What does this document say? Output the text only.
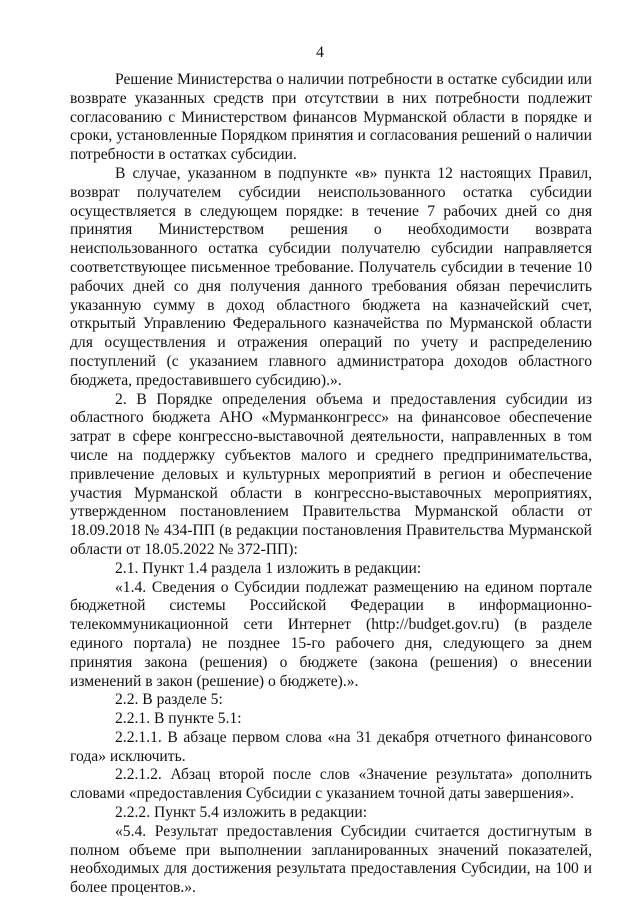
4

Решение Министерства о наличии потребности в остатке субсидии или возврате указанных средств при отсутствии в них потребности подлежит согласованию с Министерством финансов Мурманской области в порядке и сроки, установленные Порядком принятия и согласования решений о наличии потребности в остатках субсидии.

В случае, указанном в подпункте «в» пункта 12 настоящих Правил, возврат получателем субсидии неиспользованного остатка субсидии осуществляется в следующем порядке: в течение 7 рабочих дней со дня принятия Министерством решения о необходимости возврата неиспользованного остатка субсидии получателю субсидии направляется соответствующее письменное требование. Получатель субсидии в течение 10 рабочих дней со дня получения данного требования обязан перечислить указанную сумму в доход областного бюджета на казначейский счет, открытый Управлению Федерального казначейства по Мурманской области для осуществления и отражения операций по учету и распределению поступлений (с указанием главного администратора доходов областного бюджета, предоставившего субсидию).».

2. В Порядке определения объема и предоставления субсидии из областного бюджета АНО «Мурманконгресс» на финансовое обеспечение затрат в сфере конгрессно-выставочной деятельности, направленных в том числе на поддержку субъектов малого и среднего предпринимательства, привлечение деловых и культурных мероприятий в регион и обеспечение участия Мурманской области в конгрессно-выставочных мероприятиях, утвержденном постановлением Правительства Мурманской области от 18.09.2018 № 434-ПП (в редакции постановления Правительства Мурманской области от 18.05.2022 № 372-ПП):

2.1. Пункт 1.4 раздела 1 изложить в редакции:

«1.4. Сведения о Субсидии подлежат размещению на едином портале бюджетной системы Российской Федерации в информационно-телекоммуникационной сети Интернет (http://budget.gov.ru) (в разделе единого портала) не позднее 15-го рабочего дня, следующего за днем принятия закона (решения) о бюджете (закона (решения) о внесении изменений в закон (решение) о бюджете).».

2.2. В разделе 5:

2.2.1. В пункте 5.1:

2.2.1.1. В абзаце первом слова «на 31 декабря отчетного финансового года» исключить.

2.2.1.2. Абзац второй после слов «Значение результата» дополнить словами «предоставления Субсидии с указанием точной даты завершения».

2.2.2. Пункт 5.4 изложить в редакции:

«5.4. Результат предоставления Субсидии считается достигнутым в полном объеме при выполнении запланированных значений показателей, необходимых для достижения результата предоставления Субсидии, на 100 и более процентов.».
